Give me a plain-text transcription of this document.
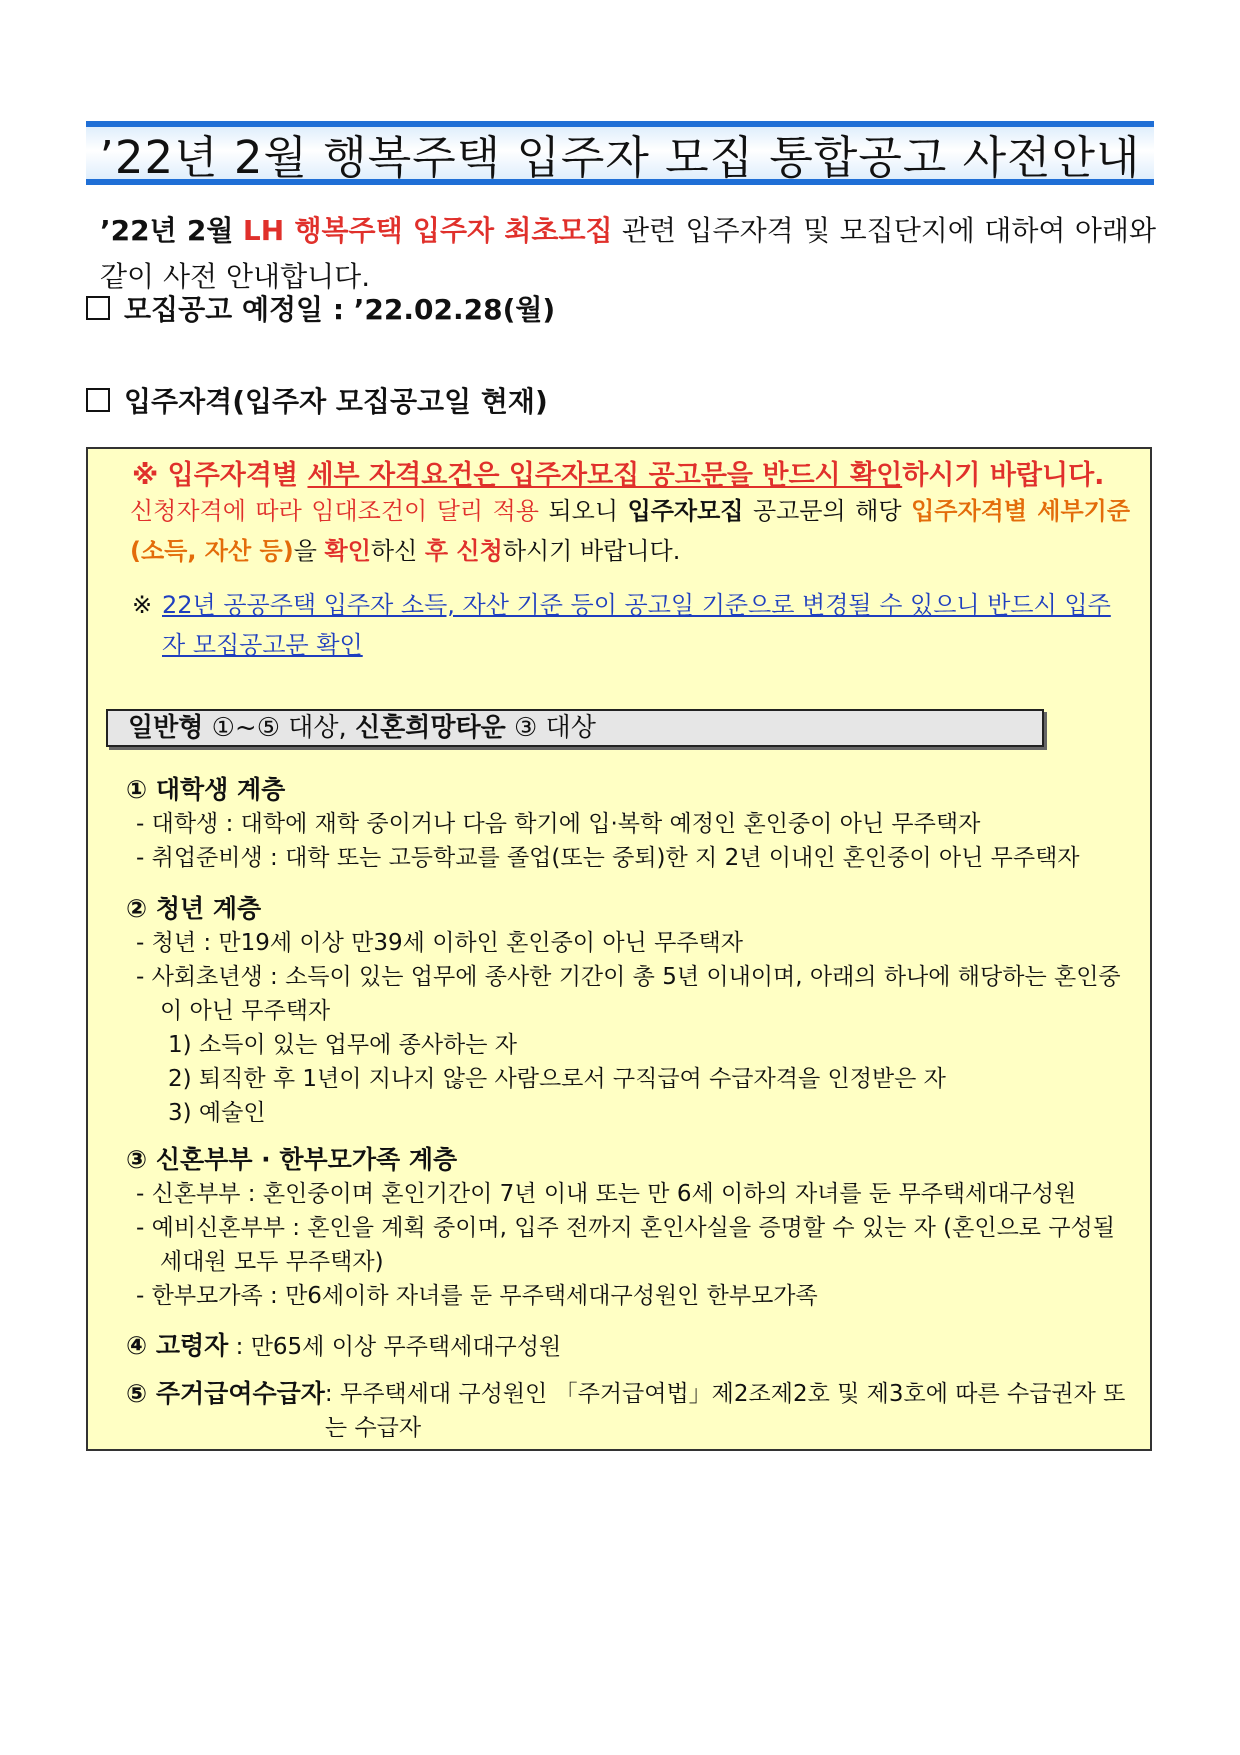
’22년 2월 행복주택 입주자 모집 통합공고 사전안내
’22년 2월 LH 행복주택 입주자 최초모집 관련 입주자격 및 모집단지에 대하여 아래와 같이 사전 안내합니다.
모집공고 예정일 : ’22.02.28(월)
입주자격(입주자 모집공고일 현재)
※ 입주자격별 세부 자격요건은 입주자모집 공고문을 반드시 확인하시기 바랍니다.
신청자격에 따라 임대조건이 달리 적용 되오니 입주자모집 공고문의 해당 입주자격별 세부기준(소득, 자산 등)을 확인하신 후 신청하시기 바랍니다.
※ 22년 공공주택 입주자 소득, 자산 기준 등이 공고일 기준으로 변경될 수 있으니 반드시 입주자 모집공고문 확인
일반형 ①~⑤ 대상, 신혼희망타운 ③ 대상
① 대학생 계층
- 대학생 : 대학에 재학 중이거나 다음 학기에 입·복학 예정인 혼인중이 아닌 무주택자
- 취업준비생 : 대학 또는 고등학교를 졸업(또는 중퇴)한 지 2년 이내인 혼인중이 아닌 무주택자
② 청년 계층
- 청년 : 만19세 이상 만39세 이하인 혼인중이 아닌 무주택자
- 사회초년생 : 소득이 있는 업무에 종사한 기간이 총 5년 이내이며, 아래의 하나에 해당하는 혼인중이 아닌 무주택자
1) 소득이 있는 업무에 종사하는 자
2) 퇴직한 후 1년이 지나지 않은 사람으로서 구직급여 수급자격을 인정받은 자
3) 예술인
③ 신혼부부 · 한부모가족 계층
- 신혼부부 : 혼인중이며 혼인기간이 7년 이내 또는 만 6세 이하의 자녀를 둔 무주택세대구성원
- 예비신혼부부 : 혼인을 계획 중이며, 입주 전까지 혼인사실을 증명할 수 있는 자 (혼인으로 구성될 세대원 모두 무주택자)
- 한부모가족 : 만6세이하 자녀를 둔 무주택세대구성원인 한부모가족
④ 고령자 : 만65세 이상 무주택세대구성원
⑤ 주거급여수급자 : 무주택세대 구성원인 「주거급여법」제2조제2호 및 제3호에 따른 수급권자 또는 수급자
